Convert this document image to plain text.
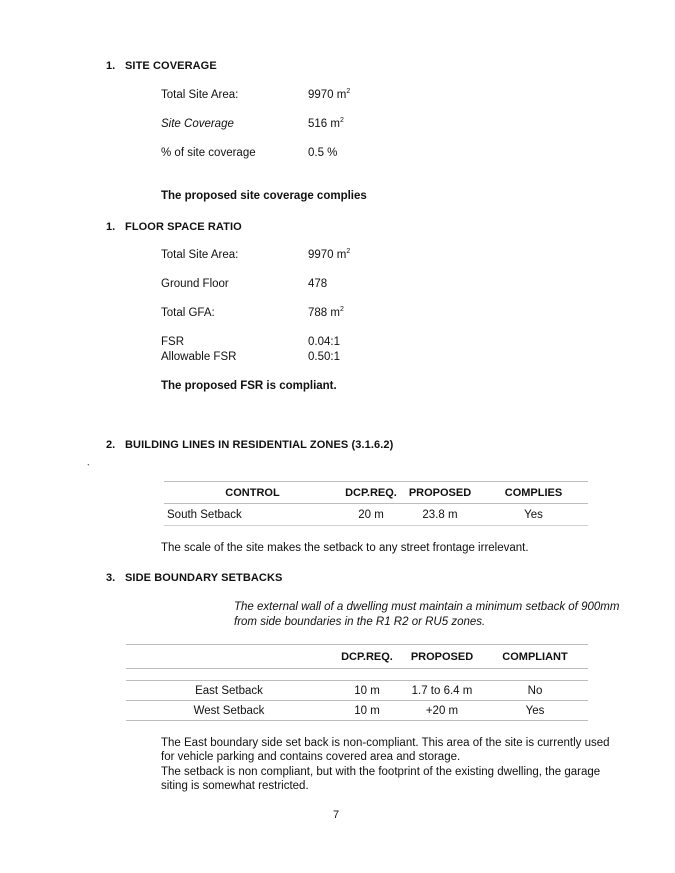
1. SITE COVERAGE
Total Site Area:	9970 $m^2$
Site Coverage	516 $m^2$
% of site coverage	0.5 %
The proposed site coverage complies
1. FLOOR SPACE RATIO
Total Site Area:	9970 $m^2$
Ground Floor	478
Total GFA:	788 $m^2$
FSR	0.04:1
Allowable FSR	0.50:1
The proposed FSR is compliant.
2. BUILDING LINES IN RESIDENTIAL ZONES (3.1.6.2)
`
CONTROL	DCP.REQ.	PROPOSED	COMPLIES
South Setback	20 m	23.8 m	Yes
The scale of the site makes the setback to any street frontage irrelevant.
3. SIDE BOUNDARY SETBACKS
The external wall of a dwelling must maintain a minimum setback of 900mm
from side boundaries in the R1 R2 or RU5 zones.
	DCP.REQ.	PROPOSED	COMPLIANT

East Setback	10 m	1.7 to 6.4 m	No
West Setback	10 m	+20 m	Yes
The East boundary side set back is non-compliant. This area of the site is currently used
for vehicle parking and contains covered area and storage.
The setback is non compliant, but with the footprint of the existing dwelling, the garage
siting is somewhat restricted.
7
